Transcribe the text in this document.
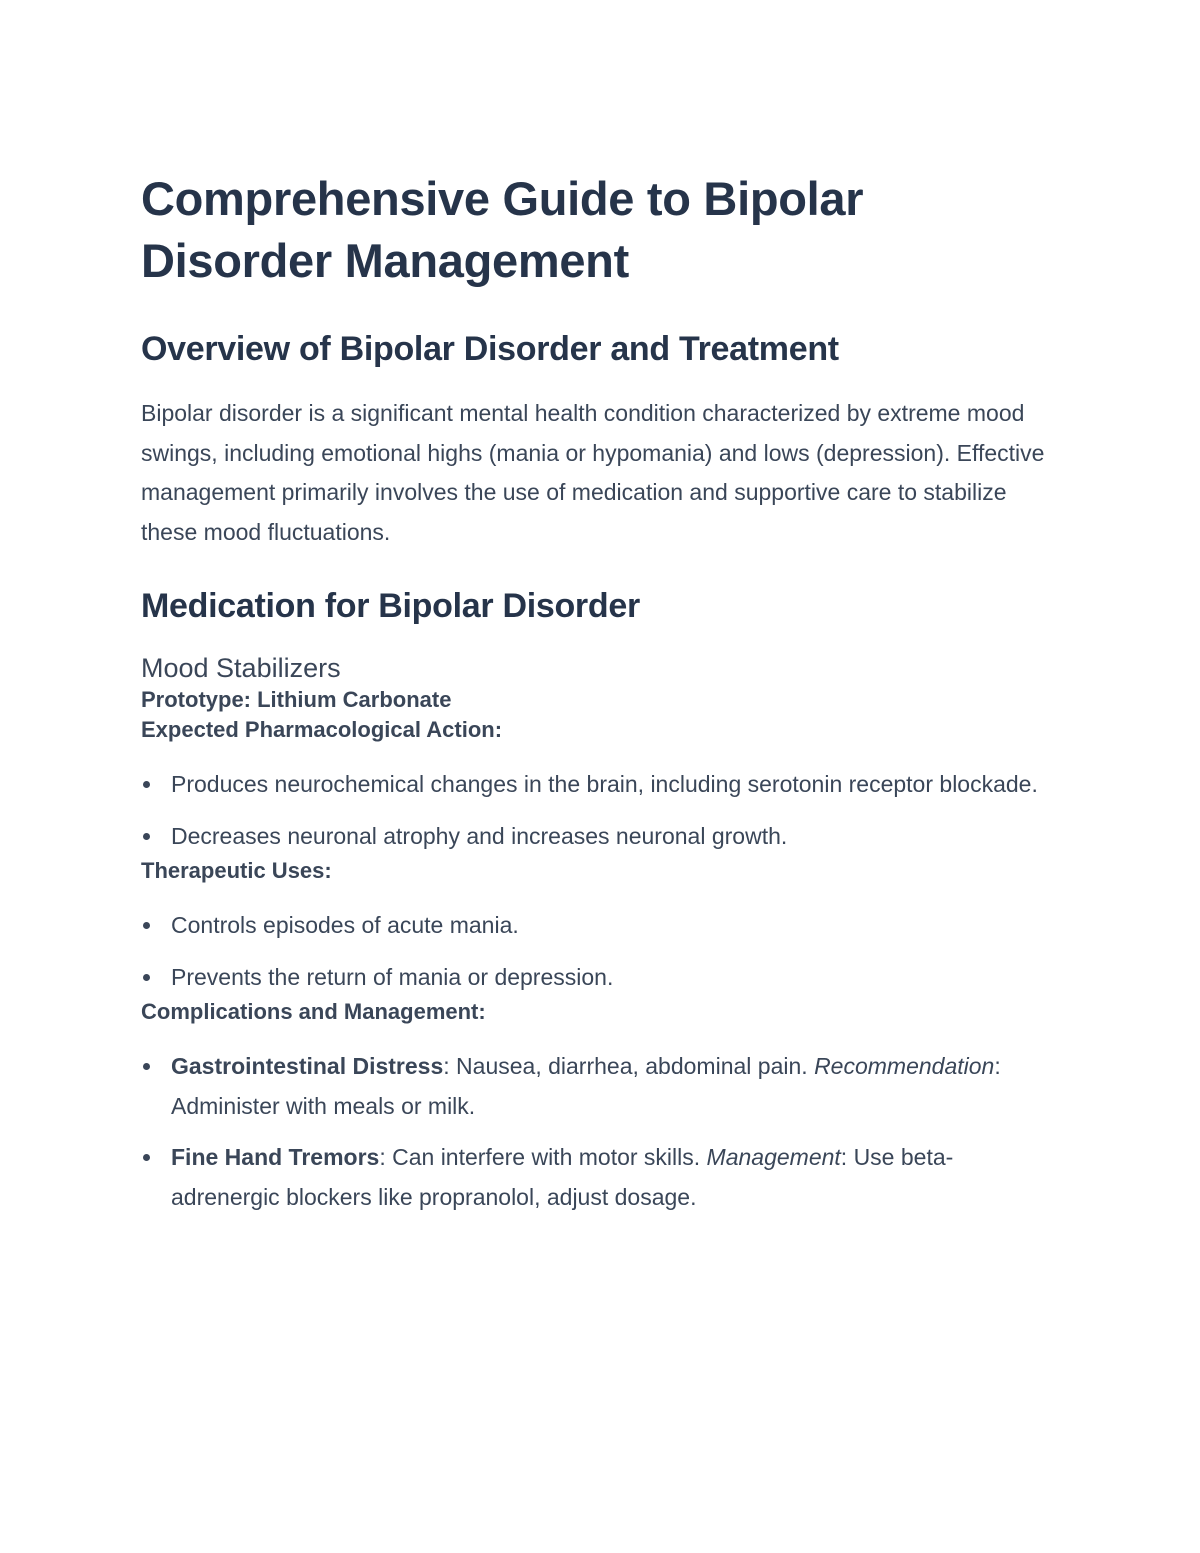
Comprehensive Guide to Bipolar Disorder Management
Overview of Bipolar Disorder and Treatment

Bipolar disorder is a significant mental health condition characterized by extreme mood swings, including emotional highs (mania or hypomania) and lows (depression). Effective management primarily involves the use of medication and supportive care to stabilize these mood fluctuations.

Medication for Bipolar Disorder
Mood Stabilizers

Prototype: Lithium Carbonate

Expected Pharmacological Action:

Produces neurochemical changes in the brain, including serotonin receptor blockade.
Decreases neuronal atrophy and increases neuronal growth.

Therapeutic Uses:

Controls episodes of acute mania.
Prevents the return of mania or depression.

Complications and Management:

Gastrointestinal Distress: Nausea, diarrhea, abdominal pain. Recommendation: Administer with meals or milk.
Fine Hand Tremors: Can interfere with motor skills. Management: Use beta-adrenergic blockers like propranolol, adjust dosage.
